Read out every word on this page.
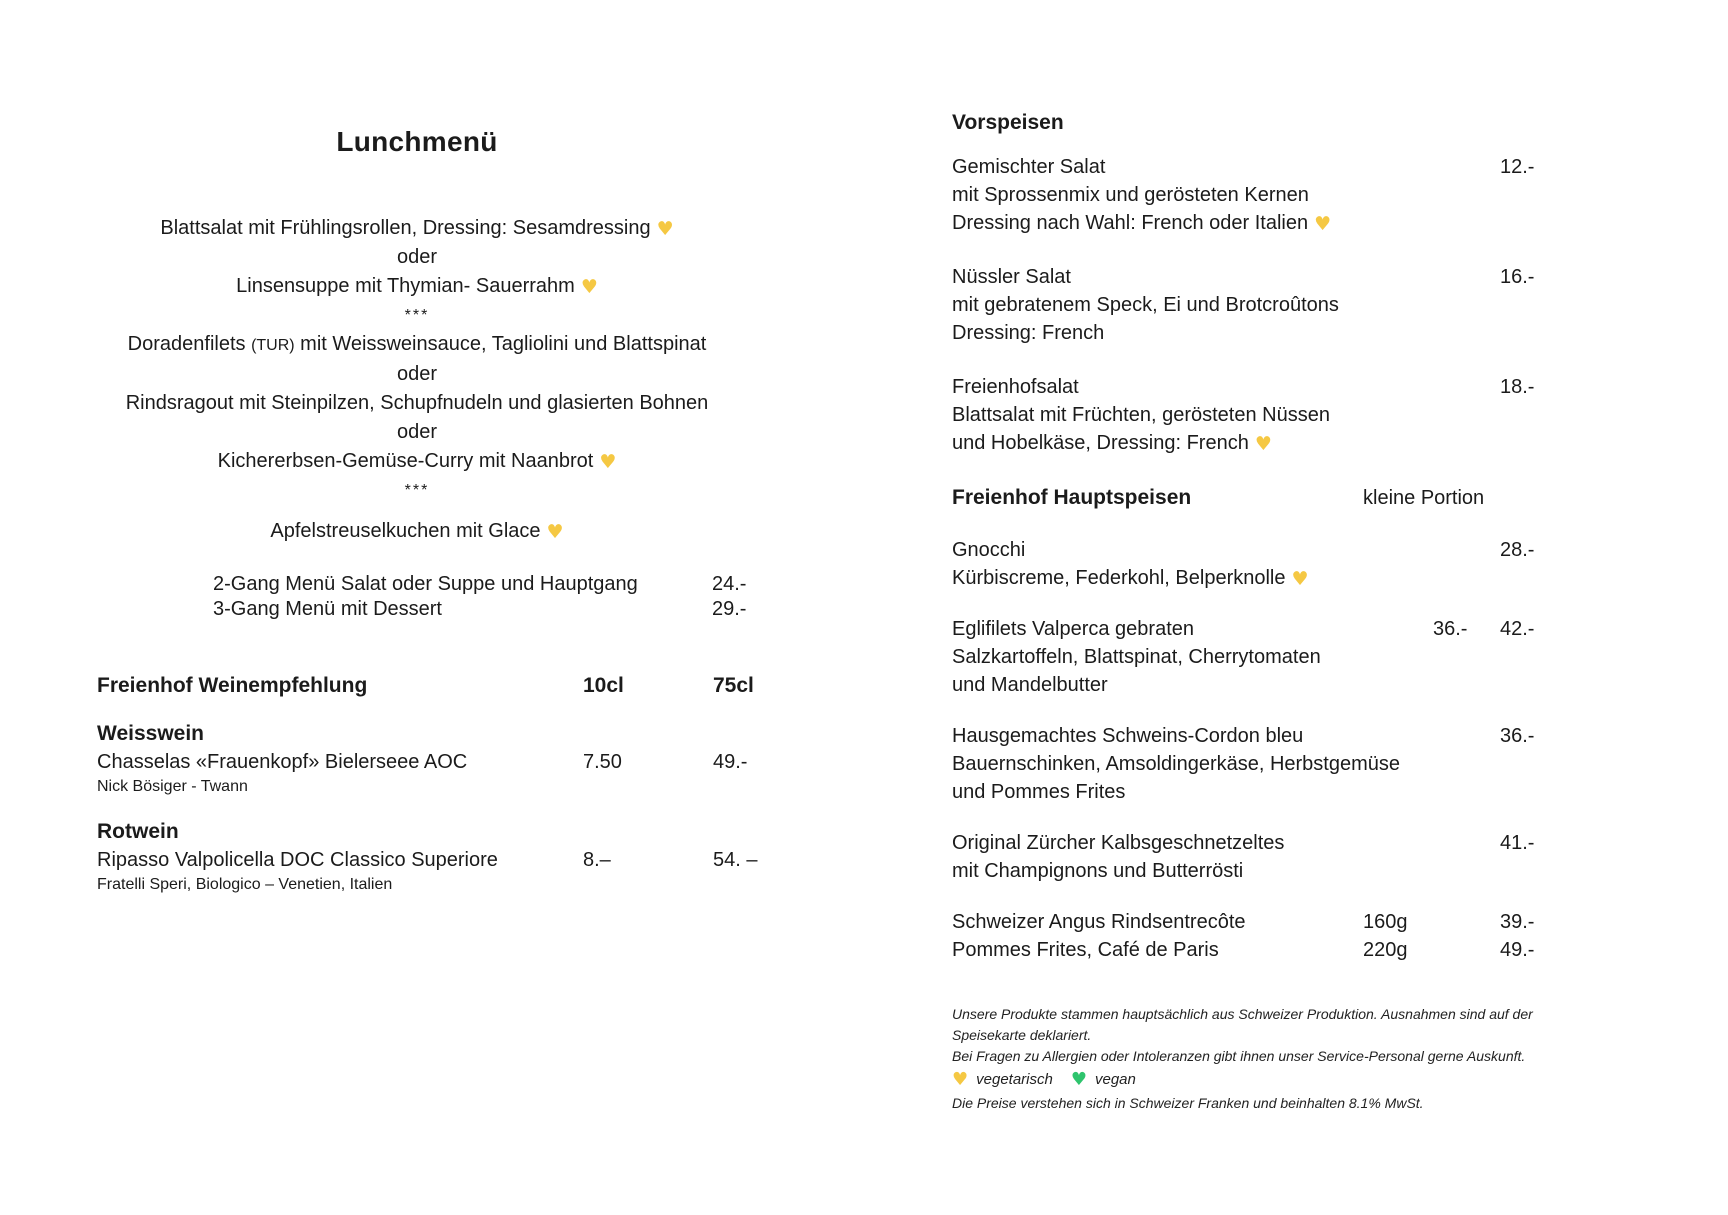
Lunchmenü
Blattsalat mit Frühlingsrollen, Dressing: Sesamdressing ♥
oder
Linsensuppe mit Thymian- Sauerrahm ♥
***
Doradenfilets (TUR) mit Weissweinsauce, Tagliolini und Blattspinat
oder
Rindsragout mit Steinpilzen, Schupfnudeln und glasierten Bohnen
oder
Kichererbsen-Gemüse-Curry mit Naanbrot ♥
***
Apfelstreuselkuchen mit Glace ♥
2-Gang Menü Salat oder Suppe und Hauptgang	24.-
3-Gang Menü mit Dessert	29.-
Freienhof Weinempfehlung	10cl	75cl
Weisswein
Chasselas «Frauenkopf» Bielerseee AOC	7.50	49.-
Nick Bösiger - Twann
Rotwein
Ripasso Valpolicella DOC Classico Superiore	8.–	54. –
Fratelli Speri, Biologico – Venetien, Italien
Vorspeisen
Gemischter Salat	12.-
mit Sprossenmix und gerösteten Kernen
Dressing nach Wahl: French oder Italien ♥
Nüssler Salat	16.-
mit gebratenem Speck, Ei und Brotcroûtons
Dressing: French
Freienhofsalat	18.-
Blattsalat mit Früchten, gerösteten Nüssen
und Hobelkäse, Dressing: French ♥
Freienhof Hauptspeisen	kleine Portion
Gnocchi	28.-
Kürbiscreme, Federkohl, Belperknolle ♥
Eglifilets Valperca gebraten	36.-	42.-
Salzkartoffeln, Blattspinat, Cherrytomaten
und Mandelbutter
Hausgemachtes Schweins-Cordon bleu	36.-
Bauernschinken, Amsoldingerkäse, Herbstgemüse
und Pommes Frites
Original Zürcher Kalbsgeschnetzeltes	41.-
mit Champignons und Butterrösti
Schweizer Angus Rindsentrecôte	160g	39.-
Pommes Frites, Café de Paris	220g	49.-
Unsere Produkte stammen hauptsächlich aus Schweizer Produktion. Ausnahmen sind auf der
Speisekarte deklariert.
Bei Fragen zu Allergien oder Intoleranzen gibt ihnen unser Service-Personal gerne Auskunft.
♥ vegetarisch ♥ vegan
Die Preise verstehen sich in Schweizer Franken und beinhalten 8.1% MwSt.
